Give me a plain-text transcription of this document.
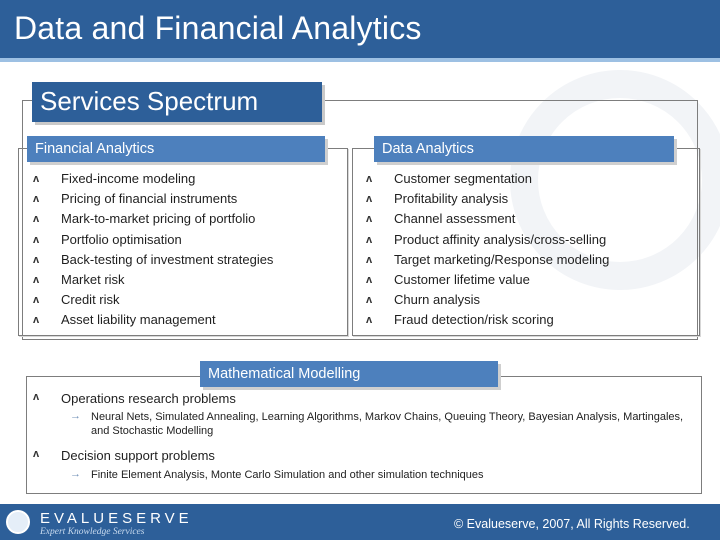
Data and Financial Analytics
Services Spectrum
Financial Analytics
ʌ	Fixed-income modeling
ʌ	Pricing of financial instruments
ʌ	Mark-to-market pricing of portfolio
ʌ	Portfolio optimisation
ʌ	Back-testing of investment strategies
ʌ	Market risk
ʌ	Credit risk
ʌ	Asset liability management
Data Analytics
ʌ	Customer segmentation
ʌ	Profitability analysis
ʌ	Channel assessment
ʌ	Product affinity analysis/cross-selling
ʌ	Target marketing/Response modeling
ʌ	Customer lifetime value
ʌ	Churn analysis
ʌ	Fraud detection/risk scoring
Mathematical Modelling
ʌ	Operations research problems
→ Neural Nets, Simulated Annealing, Learning Algorithms, Markov Chains, Queuing Theory, Bayesian Analysis, Martingales, and Stochastic Modelling
ʌ	Decision support problems
→ Finite Element Analysis, Monte Carlo Simulation and other simulation techniques
EVALUESERVE
Expert Knowledge Services
© Evalueserve, 2007, All Rights Reserved.
